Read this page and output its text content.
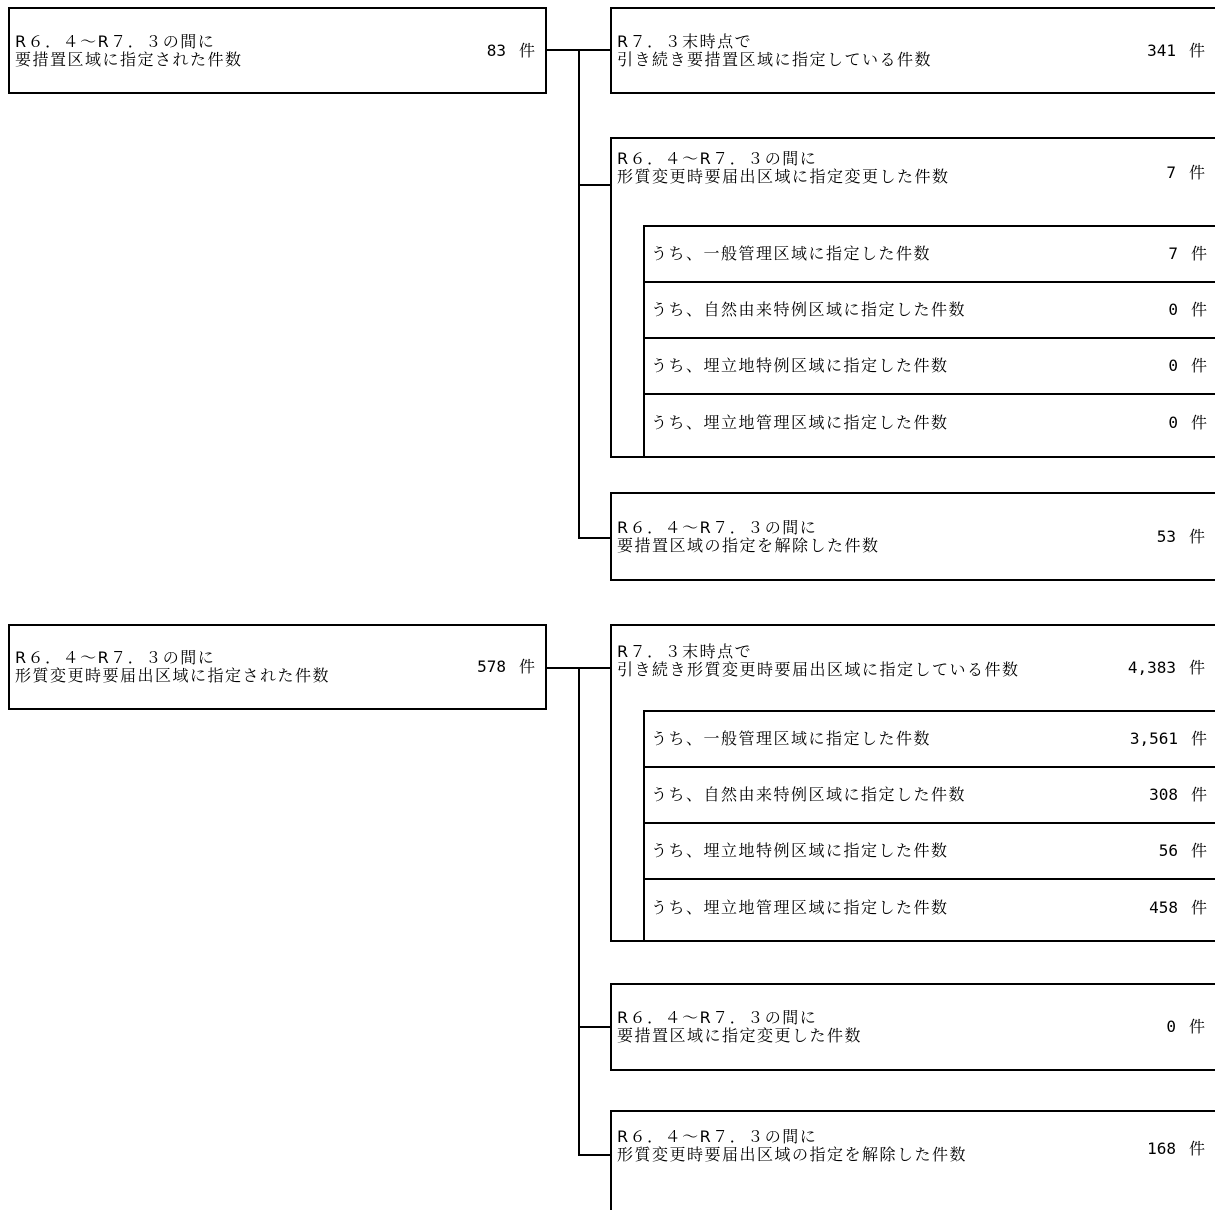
R６．４～R７．３の間に
要措置区域に指定された件数	83 件	R７．３末時点で
引き続き要措置区域に指定している件数	341 件
R６．４～R７．３の間に
形質変更時要届出区域に指定変更した件数	7 件
うち、一般管理区域に指定した件数	7 件
うち、自然由来特例区域に指定した件数	0 件
うち、埋立地特例区域に指定した件数	0 件
うち、埋立地管理区域に指定した件数	0 件
R６．４～R７．３の間に
要措置区域の指定を解除した件数	53 件
R６．４～R７．３の間に
形質変更時要届出区域に指定された件数	578 件
R７．３末時点で
引き続き形質変更時要届出区域に指定している件数	4,383 件
うち、一般管理区域に指定した件数	3,561 件
うち、自然由来特例区域に指定した件数	308 件
うち、埋立地特例区域に指定した件数	56 件
うち、埋立地管理区域に指定した件数	458 件
R６．４～R７．３の間に
要措置区域に指定変更した件数	0 件
R６．４～R７．３の間に
形質変更時要届出区域の指定を解除した件数	168 件
